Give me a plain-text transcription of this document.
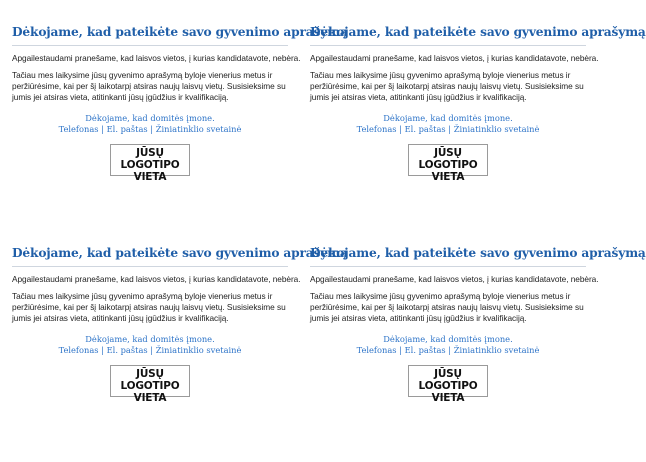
Dėkojame, kad pateikėte savo gyvenimo aprašymą

Apgailestaudami pranešame, kad laisvos vietos, į kurias kandidatavote, nebėra.

Tačiau mes laikysime jūsų gyvenimo aprašymą byloje vienerius metus ir peržiūrėsime, kai per šį laikotarpį atsiras naujų laisvų vietų. Susisieksime su jumis jei atsiras vieta, atitinkanti jūsų įgūdžius ir kvalifikaciją.

Dėkojame, kad domitės įmone.
Telefonas | El. paštas | Žiniatinklio svetainė
JŪSŲ LOGOTIPO
VIETA
Dėkojame, kad pateikėte savo gyvenimo aprašymą

Apgailestaudami pranešame, kad laisvos vietos, į kurias kandidatavote, nebėra.

Tačiau mes laikysime jūsų gyvenimo aprašymą byloje vienerius metus ir peržiūrėsime, kai per šį laikotarpį atsiras naujų laisvų vietų. Susisieksime su jumis jei atsiras vieta, atitinkanti jūsų įgūdžius ir kvalifikaciją.

Dėkojame, kad domitės įmone.
Telefonas | El. paštas | Žiniatinklio svetainė
JŪSŲ LOGOTIPO
VIETA
Dėkojame, kad pateikėte savo gyvenimo aprašymą

Apgailestaudami pranešame, kad laisvos vietos, į kurias kandidatavote, nebėra.

Tačiau mes laikysime jūsų gyvenimo aprašymą byloje vienerius metus ir peržiūrėsime, kai per šį laikotarpį atsiras naujų laisvų vietų. Susisieksime su jumis jei atsiras vieta, atitinkanti jūsų įgūdžius ir kvalifikaciją.

Dėkojame, kad domitės įmone.
Telefonas | El. paštas | Žiniatinklio svetainė
JŪSŲ LOGOTIPO
VIETA
Dėkojame, kad pateikėte savo gyvenimo aprašymą

Apgailestaudami pranešame, kad laisvos vietos, į kurias kandidatavote, nebėra.

Tačiau mes laikysime jūsų gyvenimo aprašymą byloje vienerius metus ir peržiūrėsime, kai per šį laikotarpį atsiras naujų laisvų vietų. Susisieksime su jumis jei atsiras vieta, atitinkanti jūsų įgūdžius ir kvalifikaciją.

Dėkojame, kad domitės įmone.
Telefonas | El. paštas | Žiniatinklio svetainė
JŪSŲ LOGOTIPO
VIETA
